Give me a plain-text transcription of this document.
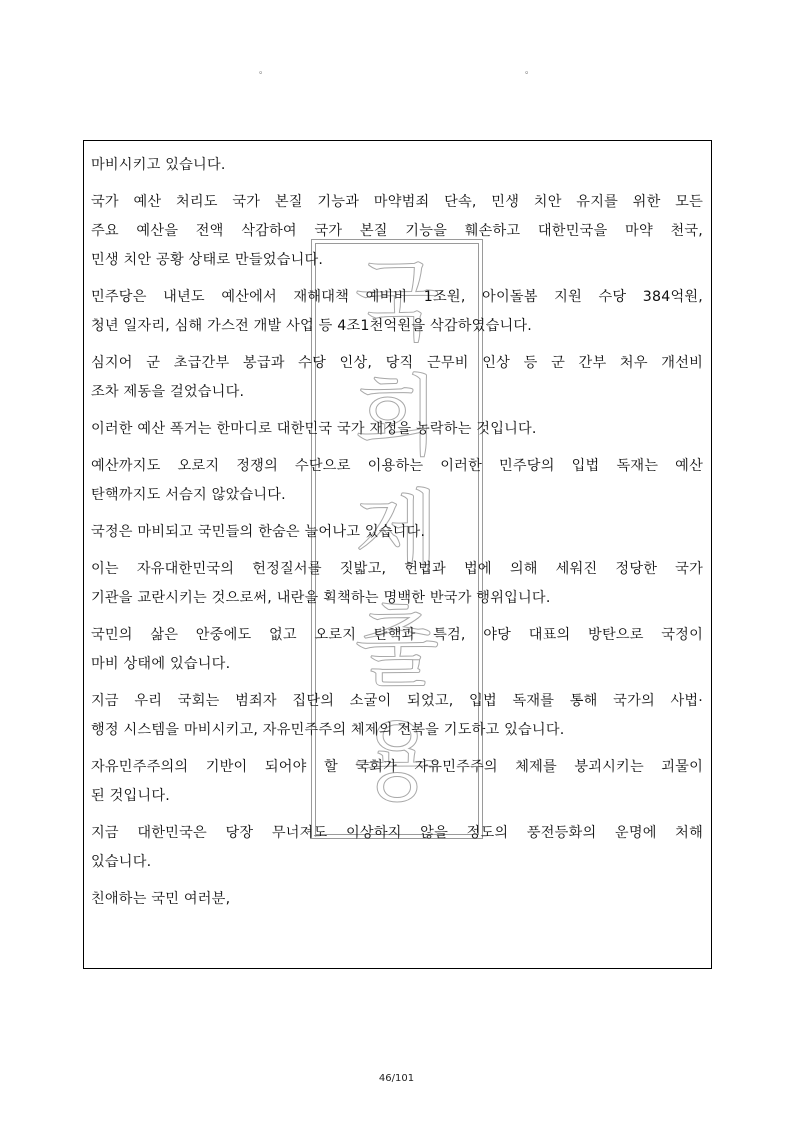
。	。
국
회
제
출
용
마비시키고 있습니다.
국가 예산 처리도 국가 본질 기능과 마약범죄 단속, 민생 치안 유지를 위한 모든
주요 예산을 전액 삭감하여 국가 본질 기능을 훼손하고 대한민국을 마약 천국,
민생 치안 공황 상태로 만들었습니다.
민주당은 내년도 예산에서 재해대책 예비비 1조원, 아이돌봄 지원 수당 384억원,
청년 일자리, 심해 가스전 개발 사업 등 4조1천억원을 삭감하였습니다.
심지어 군 초급간부 봉급과 수당 인상, 당직 근무비 인상 등 군 간부 처우 개선비
조차 제동을 걸었습니다.
이러한 예산 폭거는 한마디로 대한민국 국가 재정을 농락하는 것입니다.
예산까지도 오로지 정쟁의 수단으로 이용하는 이러한 민주당의 입법 독재는 예산
탄핵까지도 서슴지 않았습니다.
국정은 마비되고 국민들의 한숨은 늘어나고 있습니다.
이는 자유대한민국의 헌정질서를 짓밟고, 헌법과 법에 의해 세워진 정당한 국가
기관을 교란시키는 것으로써, 내란을 획책하는 명백한 반국가 행위입니다.
국민의 삶은 안중에도 없고 오로지 탄핵과 특검, 야당 대표의 방탄으로 국정이
마비 상태에 있습니다.
지금 우리 국회는 범죄자 집단의 소굴이 되었고, 입법 독재를 통해 국가의 사법·
행정 시스템을 마비시키고, 자유민주주의 체제의 전복을 기도하고 있습니다.
자유민주주의의 기반이 되어야 할 국회가 자유민주주의 체제를 붕괴시키는 괴물이
된 것입니다.
지금 대한민국은 당장 무너져도 이상하지 않을 정도의 풍전등화의 운명에 처해
있습니다.
친애하는 국민 여러분,
46/101
